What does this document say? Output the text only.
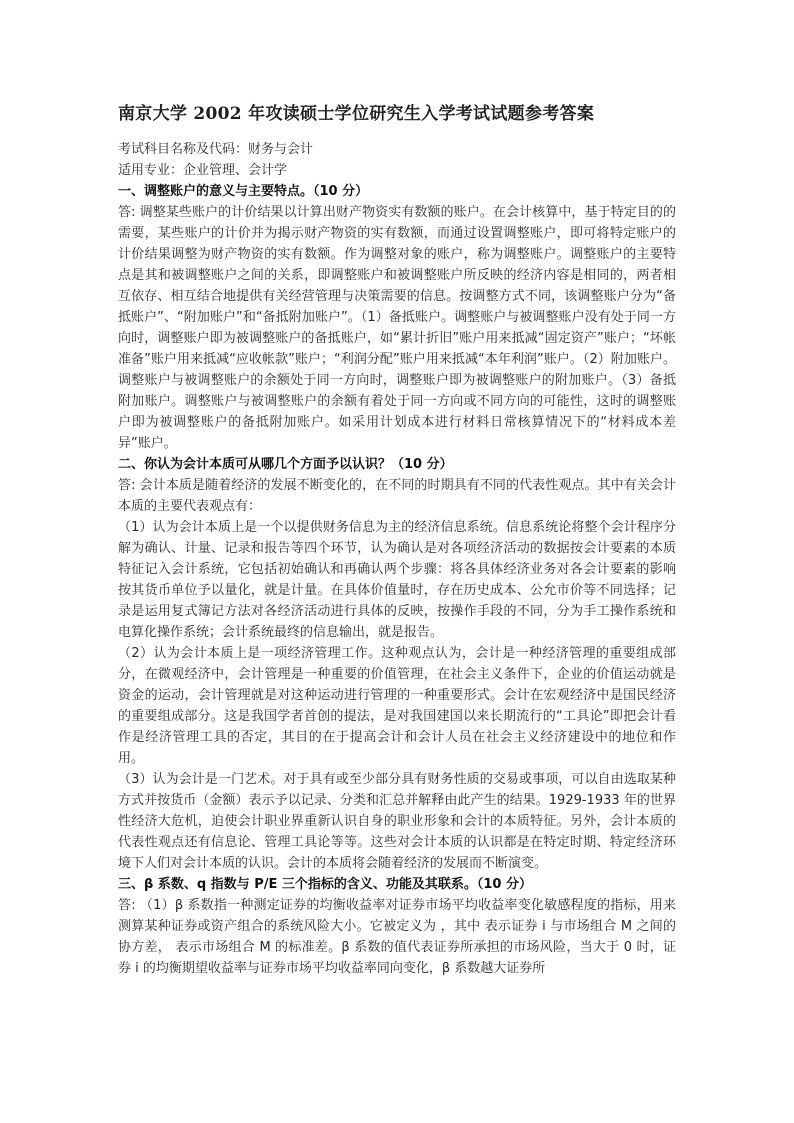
南京大学 2002 年攻读硕士学位研究生入学考试试题参考答案
考试科目名称及代码：财务与会计
适用专业：企业管理、会计学
一、调整账户的意义与主要特点。（10 分）

答: 调整某些账户的计价结果以计算出财产物资实有数额的账户。在会计核算中，基于特定目的的需要，某些账户的计价并为揭示财产物资的实有数额，而通过设置调整账户，即可将特定账户的计价结果调整为财产物资的实有数额。作为调整对象的账户，称为调整账户。调整账户的主要特点是其和被调整账户之间的关系，即调整账户和被调整账户所反映的经济内容是相同的，两者相互依存、相互结合地提供有关经营管理与决策需要的信息。按调整方式不同，该调整账户分为“备抵账户”、“附加账户”和“备抵附加账户”。（1）备抵账户。调整账户与被调整账户没有处于同一方向时，调整账户即为被调整账户的备抵账户，如“累计折旧”账户用来抵减“固定资产”账户；“坏帐准备”账户用来抵减“应收帐款”账户；“利润分配”账户用来抵减“本年利润”账户。（2）附加账户。调整账户与被调整账户的余额处于同一方向时，调整账户即为被调整账户的附加账户。（3）备抵附加账户。调整账户与被调整账户的余额有着处于同一方向或不同方向的可能性，这时的调整账户即为被调整账户的备抵附加账户。如采用计划成本进行材料日常核算情况下的“材料成本差异”账户。

二、你认为会计本质可从哪几个方面予以认识？（10 分）

答: 会计本质是随着经济的发展不断变化的，在不同的时期具有不同的代表性观点。其中有关会计本质的主要代表观点有：

（1）认为会计本质上是一个以提供财务信息为主的经济信息系统。信息系统论将整个会计程序分解为确认、计量、记录和报告等四个环节，认为确认是对各项经济活动的数据按会计要素的本质特征记入会计系统，它包括初始确认和再确认两个步骤：将各具体经济业务对各会计要素的影响按其货币单位予以量化，就是计量。在具体价值量时，存在历史成本、公允市价等不同选择；记录是运用复式簿记方法对各经济活动进行具体的反映，按操作手段的不同，分为手工操作系统和电算化操作系统；会计系统最终的信息输出，就是报告。

（2）认为会计本质上是一项经济管理工作。这种观点认为，会计是一种经济管理的重要组成部分，在微观经济中，会计管理是一种重要的价值管理，在社会主义条件下，企业的价值运动就是资金的运动，会计管理就是对这种运动进行管理的一种重要形式。会计在宏观经济中是国民经济的重要组成部分。这是我国学者首创的提法，是对我国建国以来长期流行的“工具论”即把会计看作是经济管理工具的否定，其目的在于提高会计和会计人员在社会主义经济建设中的地位和作用。

（3）认为会计是一门艺术。对于具有或至少部分具有财务性质的交易或事项，可以自由选取某种方式并按货币（金额）表示予以记录、分类和汇总并解释由此产生的结果。1929-1933 年的世界性经济大危机，迫使会计职业界重新认识自身的职业形象和会计的本质特征。另外，会计本质的代表性观点还有信息论、管理工具论等等。这些对会计本质的认识都是在特定时期、特定经济环境下人们对会计本质的认识。会计的本质将会随着经济的发展而不断演变。

三、β 系数、q 指数与 P/E 三个指标的含义、功能及其联系。（10 分）

答: （1）β 系数指一种测定证券的均衡收益率对证券市场平均收益率变化敏感程度的指标，用来测算某种证券或资产组合的系统风险大小。它被定义为 ，其中 表示证券 i 与市场组合 M 之间的协方差， 表示市场组合 M 的标准差。β 系数的值代表证券所承担的市场风险，当大于 0 时，证券 i 的均衡期望收益率与证券市场平均收益率同向变化，β 系数越大证券所
